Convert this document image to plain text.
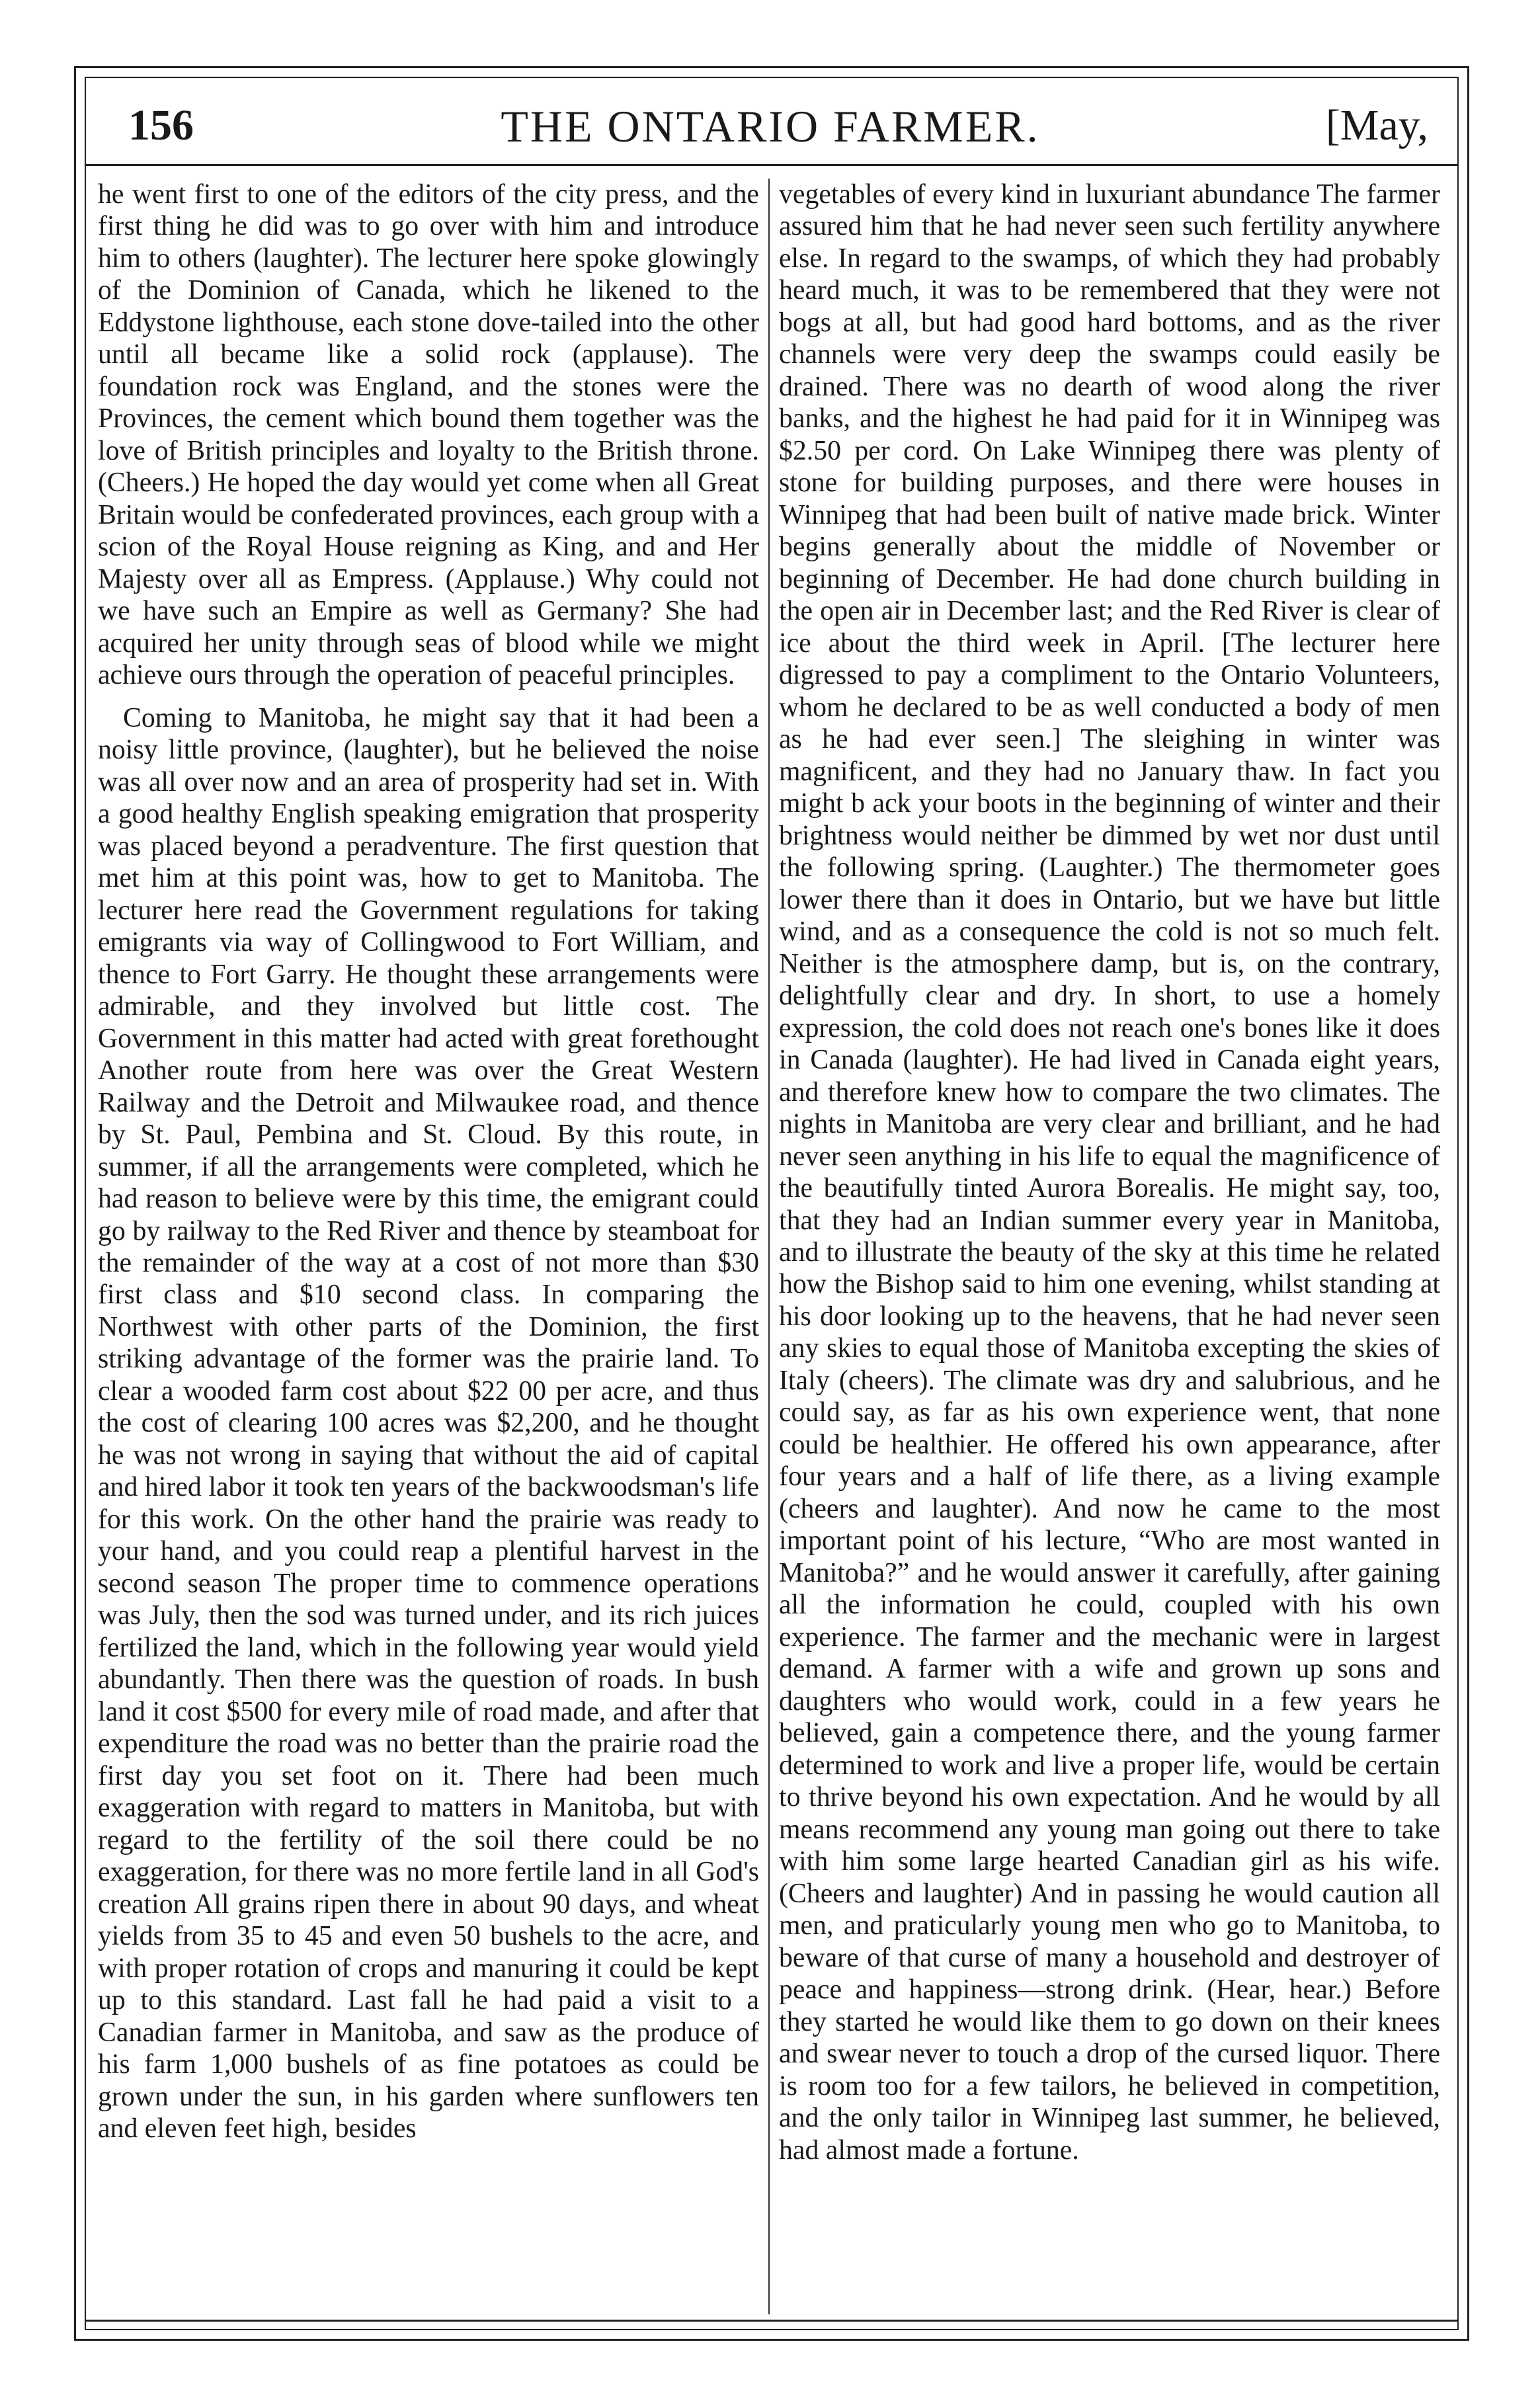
156	THE ONTARIO FARMER.	[May,

he went first to one of the editors of the city press, and the first thing he did was to go over with him and introduce him to others (laughter). The lecturer here spoke glowingly of the Dominion of Canada, which he likened to the Eddystone lighthouse, each stone dove-tailed into the other until all became like a solid rock (applause). The foundation rock was England, and the stones were the Provinces, the cement which bound them together was the love of British principles and loyalty to the British throne. (Cheers.) He hoped the day would yet come when all Great Britain would be confederated provinces, each group with a scion of the Royal House reigning as King, and and Her Majesty over all as Empress. (Applause.) Why could not we have such an Empire as well as Germany? She had acquired her unity through seas of blood while we might achieve ours through the operation of peaceful principles.

Coming to Manitoba, he might say that it had been a noisy little province, (laughter), but he believed the noise was all over now and an area of prosperity had set in. With a good healthy English speaking emigration that prosperity was placed beyond a peradventure. The first question that met him at this point was, how to get to Manitoba. The lecturer here read the Government regulations for taking emigrants via way of Collingwood to Fort William, and thence to Fort Garry. He thought these arrangements were admirable, and they involved but little cost. The Government in this matter had acted with great forethought Another route from here was over the Great Western Railway and the Detroit and Milwaukee road, and thence by St. Paul, Pembina and St. Cloud. By this route, in summer, if all the arrangements were completed, which he had reason to believe were by this time, the emigrant could go by railway to the Red River and thence by steamboat for the remainder of the way at a cost of not more than $30 first class and $10 second class. In comparing the Northwest with other parts of the Dominion, the first striking advantage of the former was the prairie land. To clear a wooded farm cost about $22 00 per acre, and thus the cost of clearing 100 acres was $2,200, and he thought he was not wrong in saying that without the aid of capital and hired labor it took ten years of the backwoodsman's life for this work. On the other hand the prairie was ready to your hand, and you could reap a plentiful harvest in the second season The proper time to commence operations was July, then the sod was turned under, and its rich juices fertilized the land, which in the following year would yield abundantly. Then there was the question of roads. In bush land it cost $500 for every mile of road made, and after that expenditure the road was no better than the prairie road the first day you set foot on it. There had been much exaggeration with regard to matters in Manitoba, but with regard to the fertility of the soil there could be no exaggeration, for there was no more fertile land in all God's creation All grains ripen there in about 90 days, and wheat yields from 35 to 45 and even 50 bushels to the acre, and with proper rotation of crops and manuring it could be kept up to this standard. Last fall he had paid a visit to a Canadian farmer in Manitoba, and saw as the produce of his farm 1,000 bushels of as fine potatoes as could be grown under the sun, in his garden where sunflowers ten and eleven feet high, besides

vegetables of every kind in luxuriant abundance The farmer assured him that he had never seen such fertility anywhere else. In regard to the swamps, of which they had probably heard much, it was to be remembered that they were not bogs at all, but had good hard bottoms, and as the river channels were very deep the swamps could easily be drained. There was no dearth of wood along the river banks, and the highest he had paid for it in Winnipeg was $2.50 per cord. On Lake Winnipeg there was plenty of stone for building purposes, and there were houses in Winnipeg that had been built of native made brick. Winter begins generally about the middle of November or beginning of December. He had done church building in the open air in December last; and the Red River is clear of ice about the third week in April. [The lecturer here digressed to pay a compliment to the Ontario Volunteers, whom he declared to be as well conducted a body of men as he had ever seen.] The sleighing in winter was magnificent, and they had no January thaw. In fact you might b ack your boots in the beginning of winter and their brightness would neither be dimmed by wet nor dust until the following spring. (Laughter.) The thermometer goes lower there than it does in Ontario, but we have but little wind, and as a consequence the cold is not so much felt. Neither is the atmosphere damp, but is, on the contrary, delightfully clear and dry. In short, to use a homely expression, the cold does not reach one's bones like it does in Canada (laughter). He had lived in Canada eight years, and therefore knew how to compare the two climates. The nights in Manitoba are very clear and brilliant, and he had never seen anything in his life to equal the magnificence of the beautifully tinted Aurora Borealis. He might say, too, that they had an Indian summer every year in Manitoba, and to illustrate the beauty of the sky at this time he related how the Bishop said to him one evening, whilst standing at his door looking up to the heavens, that he had never seen any skies to equal those of Manitoba excepting the skies of Italy (cheers). The climate was dry and salubrious, and he could say, as far as his own experience went, that none could be healthier. He offered his own appearance, after four years and a half of life there, as a living example (cheers and laughter). And now he came to the most important point of his lecture, “Who are most wanted in Manitoba?” and he would answer it carefully, after gaining all the information he could, coupled with his own experience. The farmer and the mechanic were in largest demand. A farmer with a wife and grown up sons and daughters who would work, could in a few years he believed, gain a competence there, and the young farmer determined to work and live a proper life, would be certain to thrive beyond his own expectation. And he would by all means recommend any young man going out there to take with him some large hearted Canadian girl as his wife. (Cheers and laughter) And in passing he would caution all men, and praticularly young men who go to Manitoba, to beware of that curse of many a household and destroyer of peace and happiness—strong drink. (Hear, hear.) Before they started he would like them to go down on their knees and swear never to touch a drop of the cursed liquor. There is room too for a few tailors, he believed in competition, and the only tailor in Winnipeg last summer, he believed, had almost made a fortune.
